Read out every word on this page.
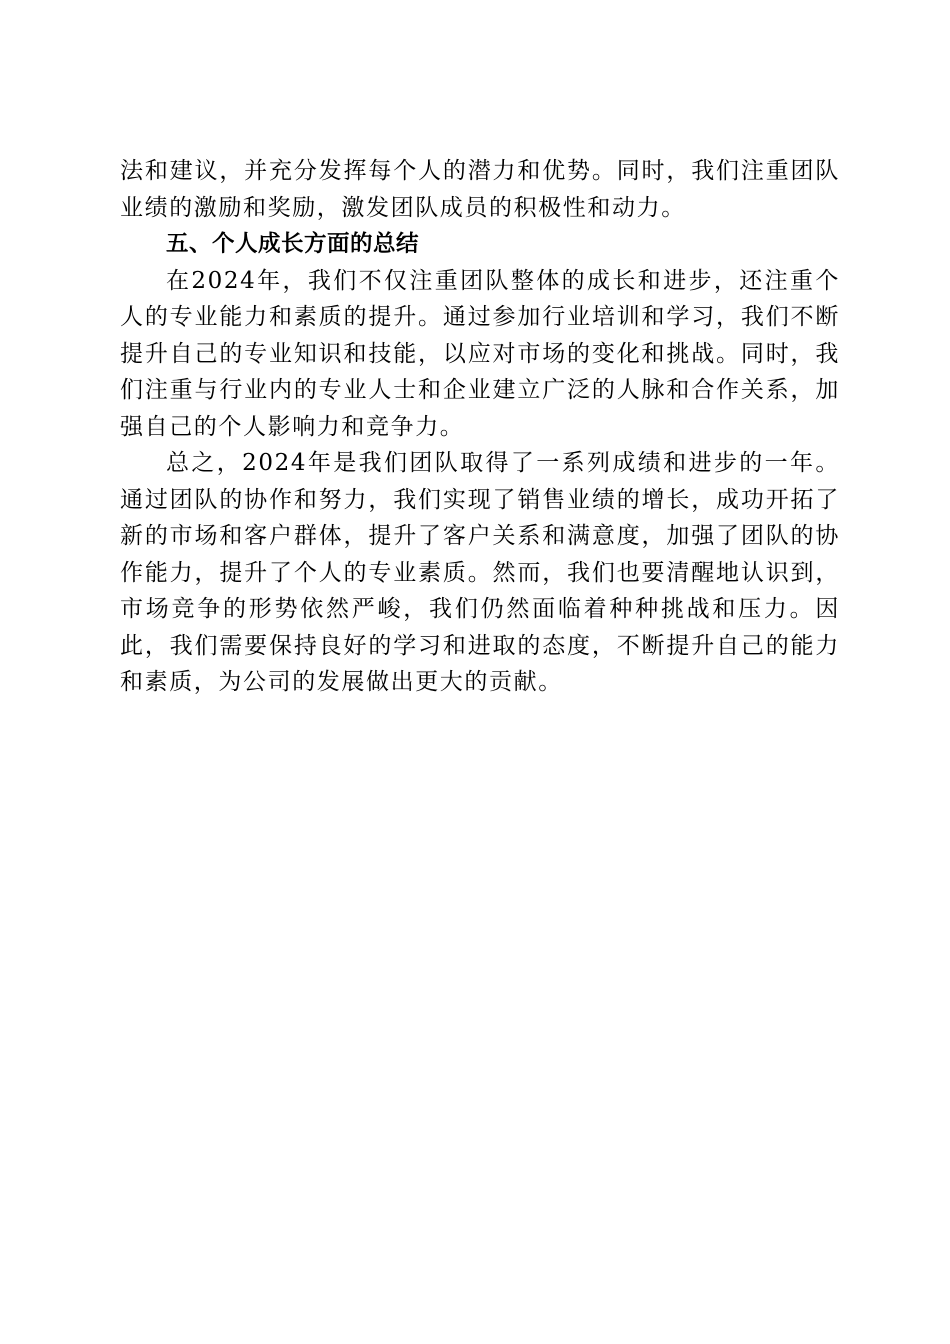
法和建议，并充分发挥每个人的潜力和优势。同时，我们注重团队业绩的激励和奖励，激发团队成员的积极性和动力。

五、个人成长方面的总结

在2024年，我们不仅注重团队整体的成长和进步，还注重个人的专业能力和素质的提升。通过参加行业培训和学习，我们不断提升自己的专业知识和技能，以应对市场的变化和挑战。同时，我们注重与行业内的专业人士和企业建立广泛的人脉和合作关系，加强自己的个人影响力和竞争力。

总之，2024年是我们团队取得了一系列成绩和进步的一年。通过团队的协作和努力，我们实现了销售业绩的增长，成功开拓了新的市场和客户群体，提升了客户关系和满意度，加强了团队的协作能力，提升了个人的专业素质。然而，我们也要清醒地认识到，市场竞争的形势依然严峻，我们仍然面临着种种挑战和压力。因此，我们需要保持良好的学习和进取的态度，不断提升自己的能力和素质，为公司的发展做出更大的贡献。
